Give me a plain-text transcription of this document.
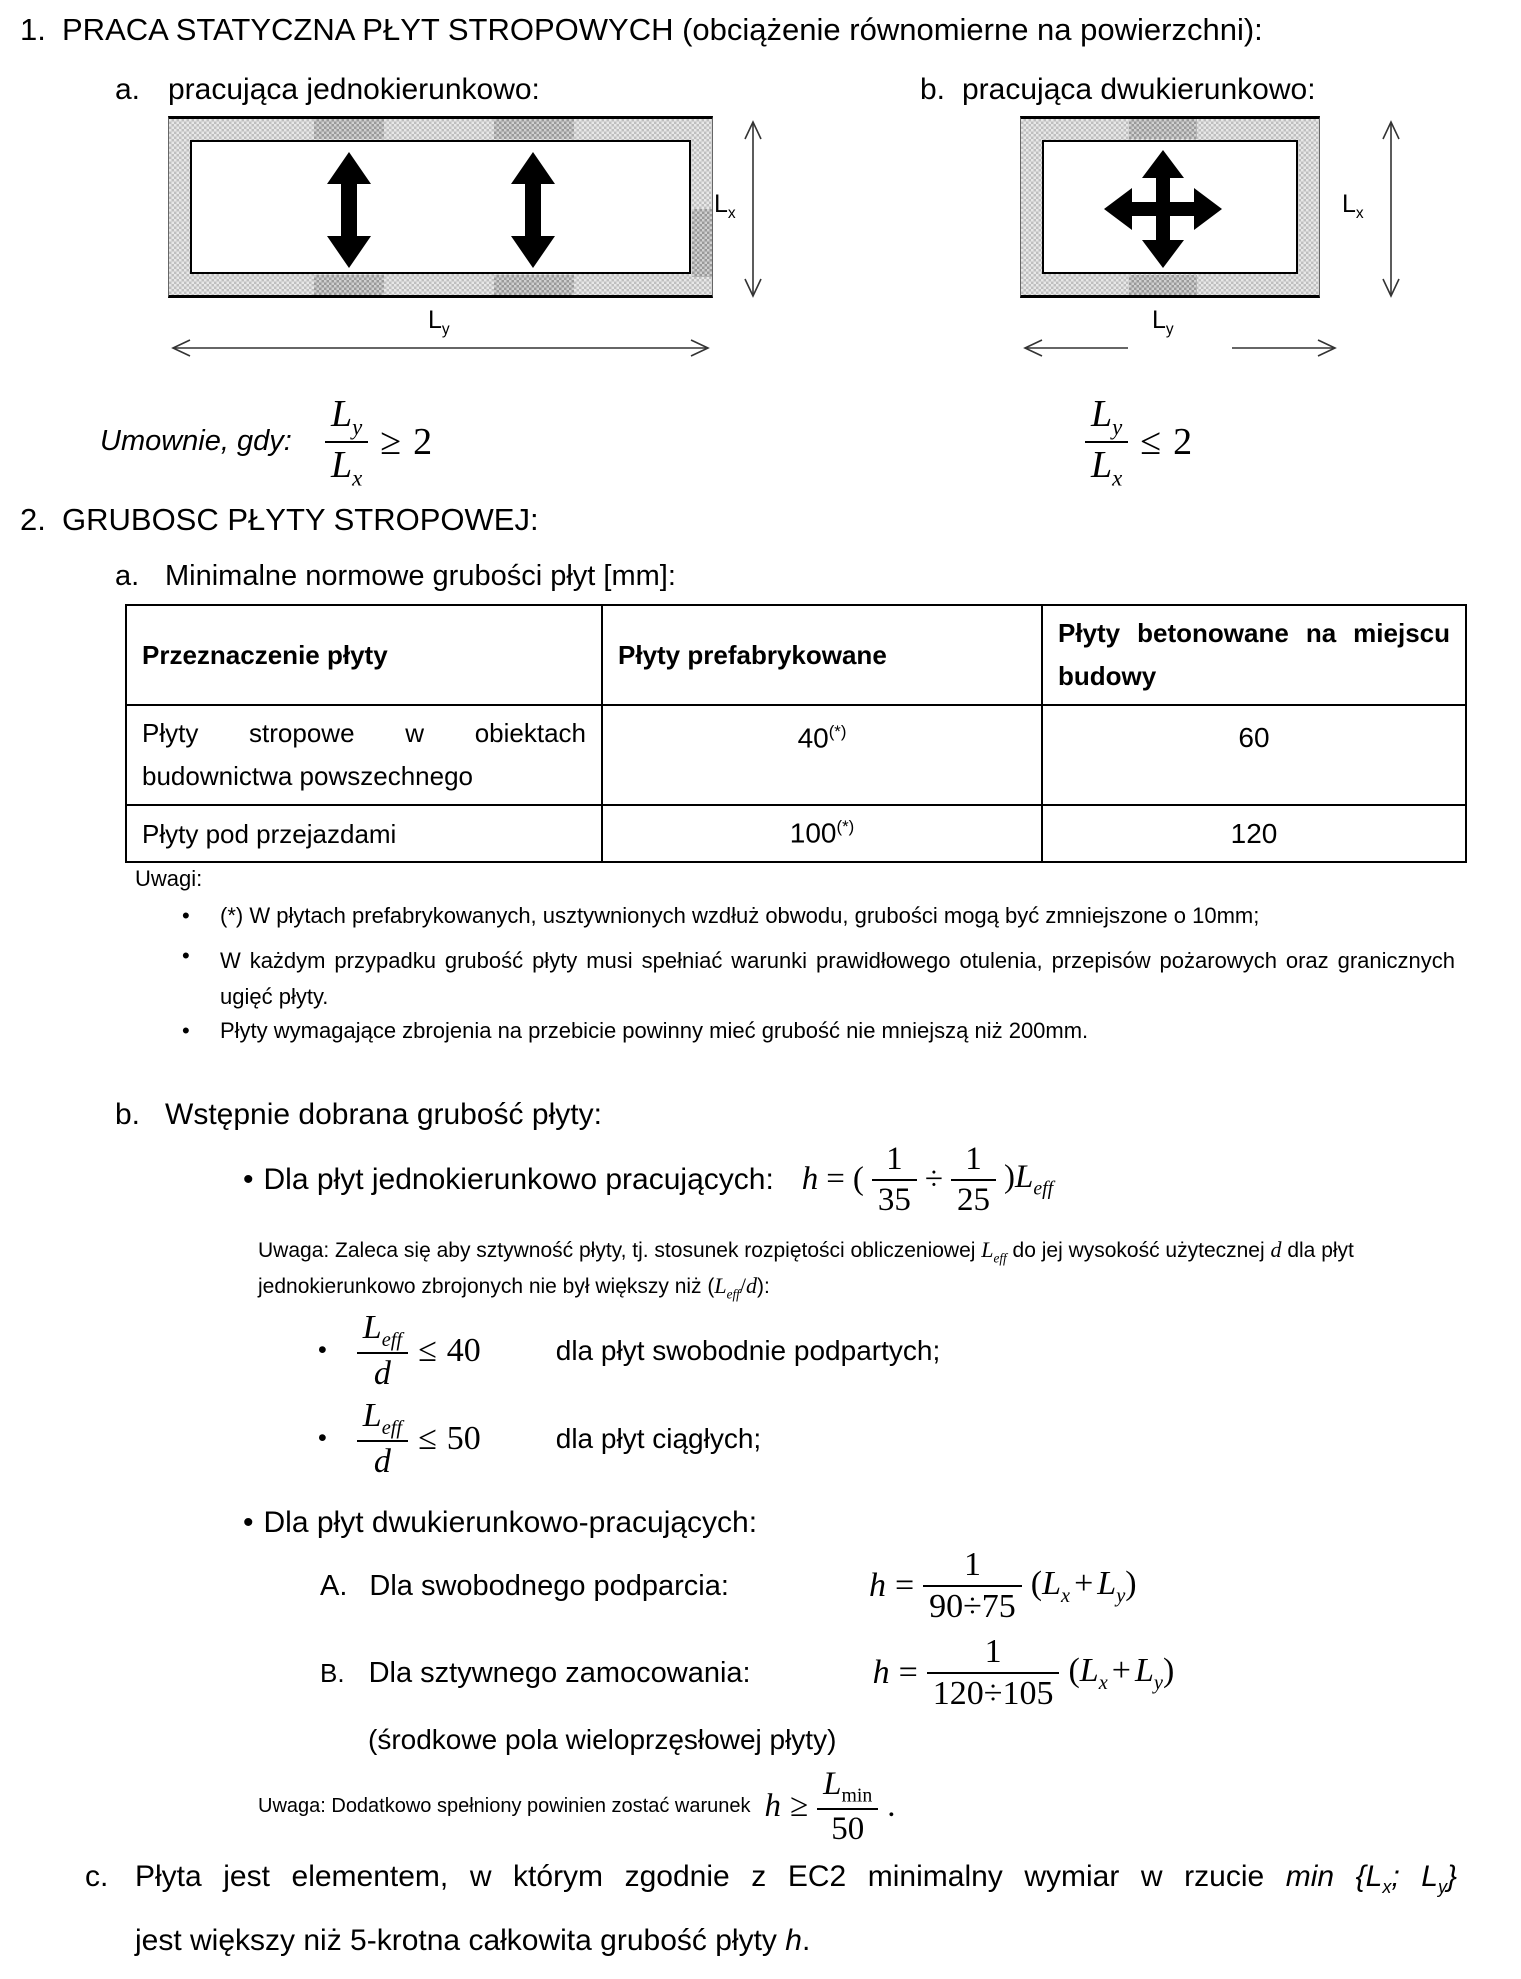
1. PRACA STATYCZNA PŁYT STROPOWYCH (obciążenie równomierne na powierzchni):
a. pracująca jednokierunkowo:	b. pracująca dwukierunkowo:
$L_x$
$L_y$
$L_x$
$L_y$
Umownie, gdy: $\frac{L_y}{L_x} \ge 2$	$\frac{L_y}{L_x} \le 2$
2. GRUBOSC PŁYTY STROPOWEJ:
a. Minimalne normowe grubości płyt [mm]:
Przeznaczenie płyty	Płyty prefabrykowane	Płyty betonowane na miejscu budowy

Płyty stropowe w obiektach budownictwa powszechnego	40(*)	60

Płyty pod przejazdami	100(*)	120
Uwagi:
• (*) W płytach prefabrykowanych, usztywnionych wzdłuż obwodu, grubości mogą być zmniejszone o 10mm;
• W każdym przypadku grubość płyty musi spełniać warunki prawidłowego otulenia, przepisów pożarowych oraz granicznych ugięć płyty.
• Płyty wymagające zbrojenia na przebicie powinny mieć grubość nie mniejszą niż 200mm.
b. Wstępnie dobrana grubość płyty:
• Dla płyt jednokierunkowo pracujących: h = ( $\frac{1}{35} \div \frac{1}{25} )L_{eff}$
Uwaga: Zaleca się aby sztywność płyty, tj. stosunek rozpiętości obliczeniowej $L_{eff}$ do jej wysokość użytecznej d dla płyt
jednokierunkowo zbrojonych nie był większy niż $(L_{eff}/d)$:
• $\frac{L_{eff}}{d} \le 40$	dla płyt swobodnie podpartych;
• $\frac{L_{eff}}{d} \le 50$	dla płyt ciągłych;
• Dla płyt dwukierunkowo-pracujących:
A. Dla swobodnego podparcia:	$h = \frac{1}{90\div 75} (L_x + L_y)$
B. Dla sztywnego zamocowania:	$h = \frac{1}{120\div 105} (L_x + L_y)$
(środkowe pola wieloprzęsłowej płyty)
Uwaga: Dodatkowo spełniony powinien zostać warunek $h \ge \frac{L_{min}}{50}$ .
c. Płyta jest elementem, w którym zgodnie z EC2 minimalny wymiar w rzucie $\min \{L_x$; $L_y$}
jest większy niż 5-krotna całkowita grubość płyty h.
